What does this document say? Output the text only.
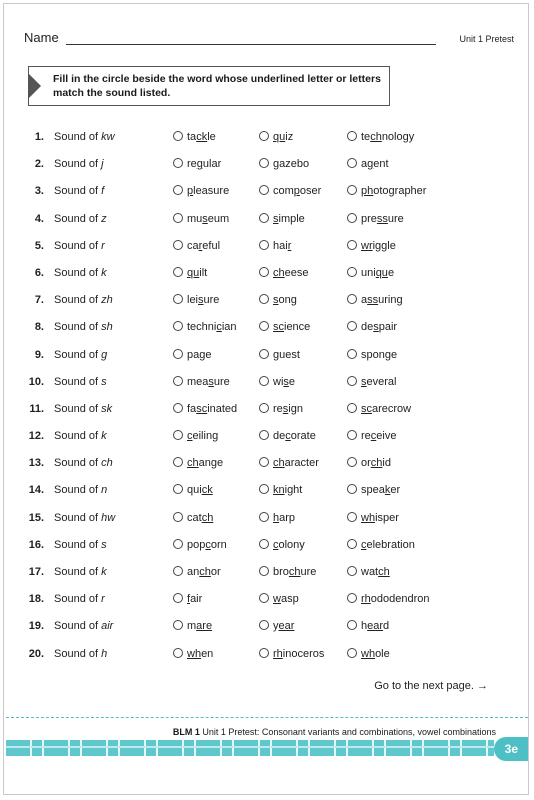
Name	Unit 1 Pretest
Fill in the circle beside the word whose underlined letter or letters match the sound listed.
1. Sound of kw	tackle	quiz	technology
2. Sound of j	regular	gazebo	agent
3. Sound of f	pleasure	composer	photographer
4. Sound of z	museum	simple	pressure
5. Sound of r	careful	hair	wriggle
6. Sound of k	quilt	cheese	unique
7. Sound of zh	leisure	song	assuring
8. Sound of sh	technician	science	despair
9. Sound of g	page	guest	sponge
10. Sound of s	measure	wise	several
11. Sound of sk	fascinated	resign	scarecrow
12. Sound of k	ceiling	decorate	receive
13. Sound of ch	change	character	orchid
14. Sound of n	quick	knight	speaker
15. Sound of hw	catch	harp	whisper
16. Sound of s	popcorn	colony	celebration
17. Sound of k	anchor	brochure	watch
18. Sound of r	fair	wasp	rhododendron
19. Sound of air	mare	year	heard
20. Sound of h	when	rhinoceros	whole
Go to the next page. →
BLM 1 Unit 1 Pretest: Consonant variants and combinations, vowel combinations
3e
